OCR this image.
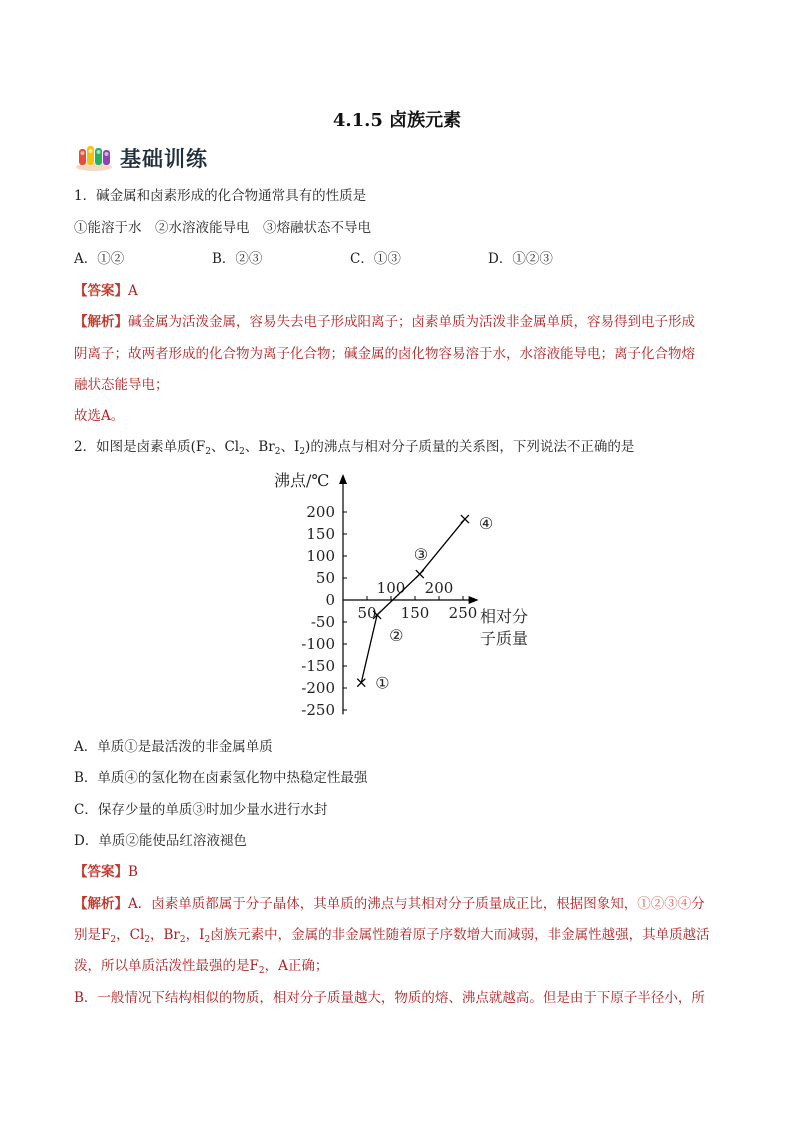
4.1.5 卤族元素
基础训练
1．碱金属和卤素形成的化合物通常具有的性质是
①能溶于水　②水溶液能导电　③熔融状态不导电
A．①②	B．②③	C．①③	D．①②③
【答案】A
【解析】碱金属为活泼金属，容易失去电子形成阳离子；卤素单质为活泼非金属单质，容易得到电子形成
阴离子；故两者形成的化合物为离子化合物；碱金属的卤化物容易溶于水，水溶液能导电；离子化合物熔
融状态能导电；
故选A。
2．如图是卤素单质($F_2$、$Cl_2$、$Br_2$、$I_2$)的沸点与相对分子质量的关系图，下列说法不正确的是
沸点/℃
相对分
子质量
200
150
100
50
0
-50
-100
-150
-200
-250
50 150 250
100 200
①
②
③
④
A．单质①是最活泼的非金属单质
B．单质④的氢化物在卤素氢化物中热稳定性最强
C．保存少量的单质③时加少量水进行水封
D．单质②能使品红溶液褪色
【答案】B
【解析】A．卤素单质都属于分子晶体，其单质的沸点与其相对分子质量成正比，根据图象知，①②③④分
别是$F_2$，$Cl_2$，$Br_2$，$I_2$卤族元素中，金属的非金属性随着原子序数增大而减弱，非金属性越强，其单质越活
泼，所以单质活泼性最强的是$F_2$，A正确；
B．一般情况下结构相似的物质，相对分子质量越大，物质的熔、沸点就越高。但是由于下原子半径小，所
